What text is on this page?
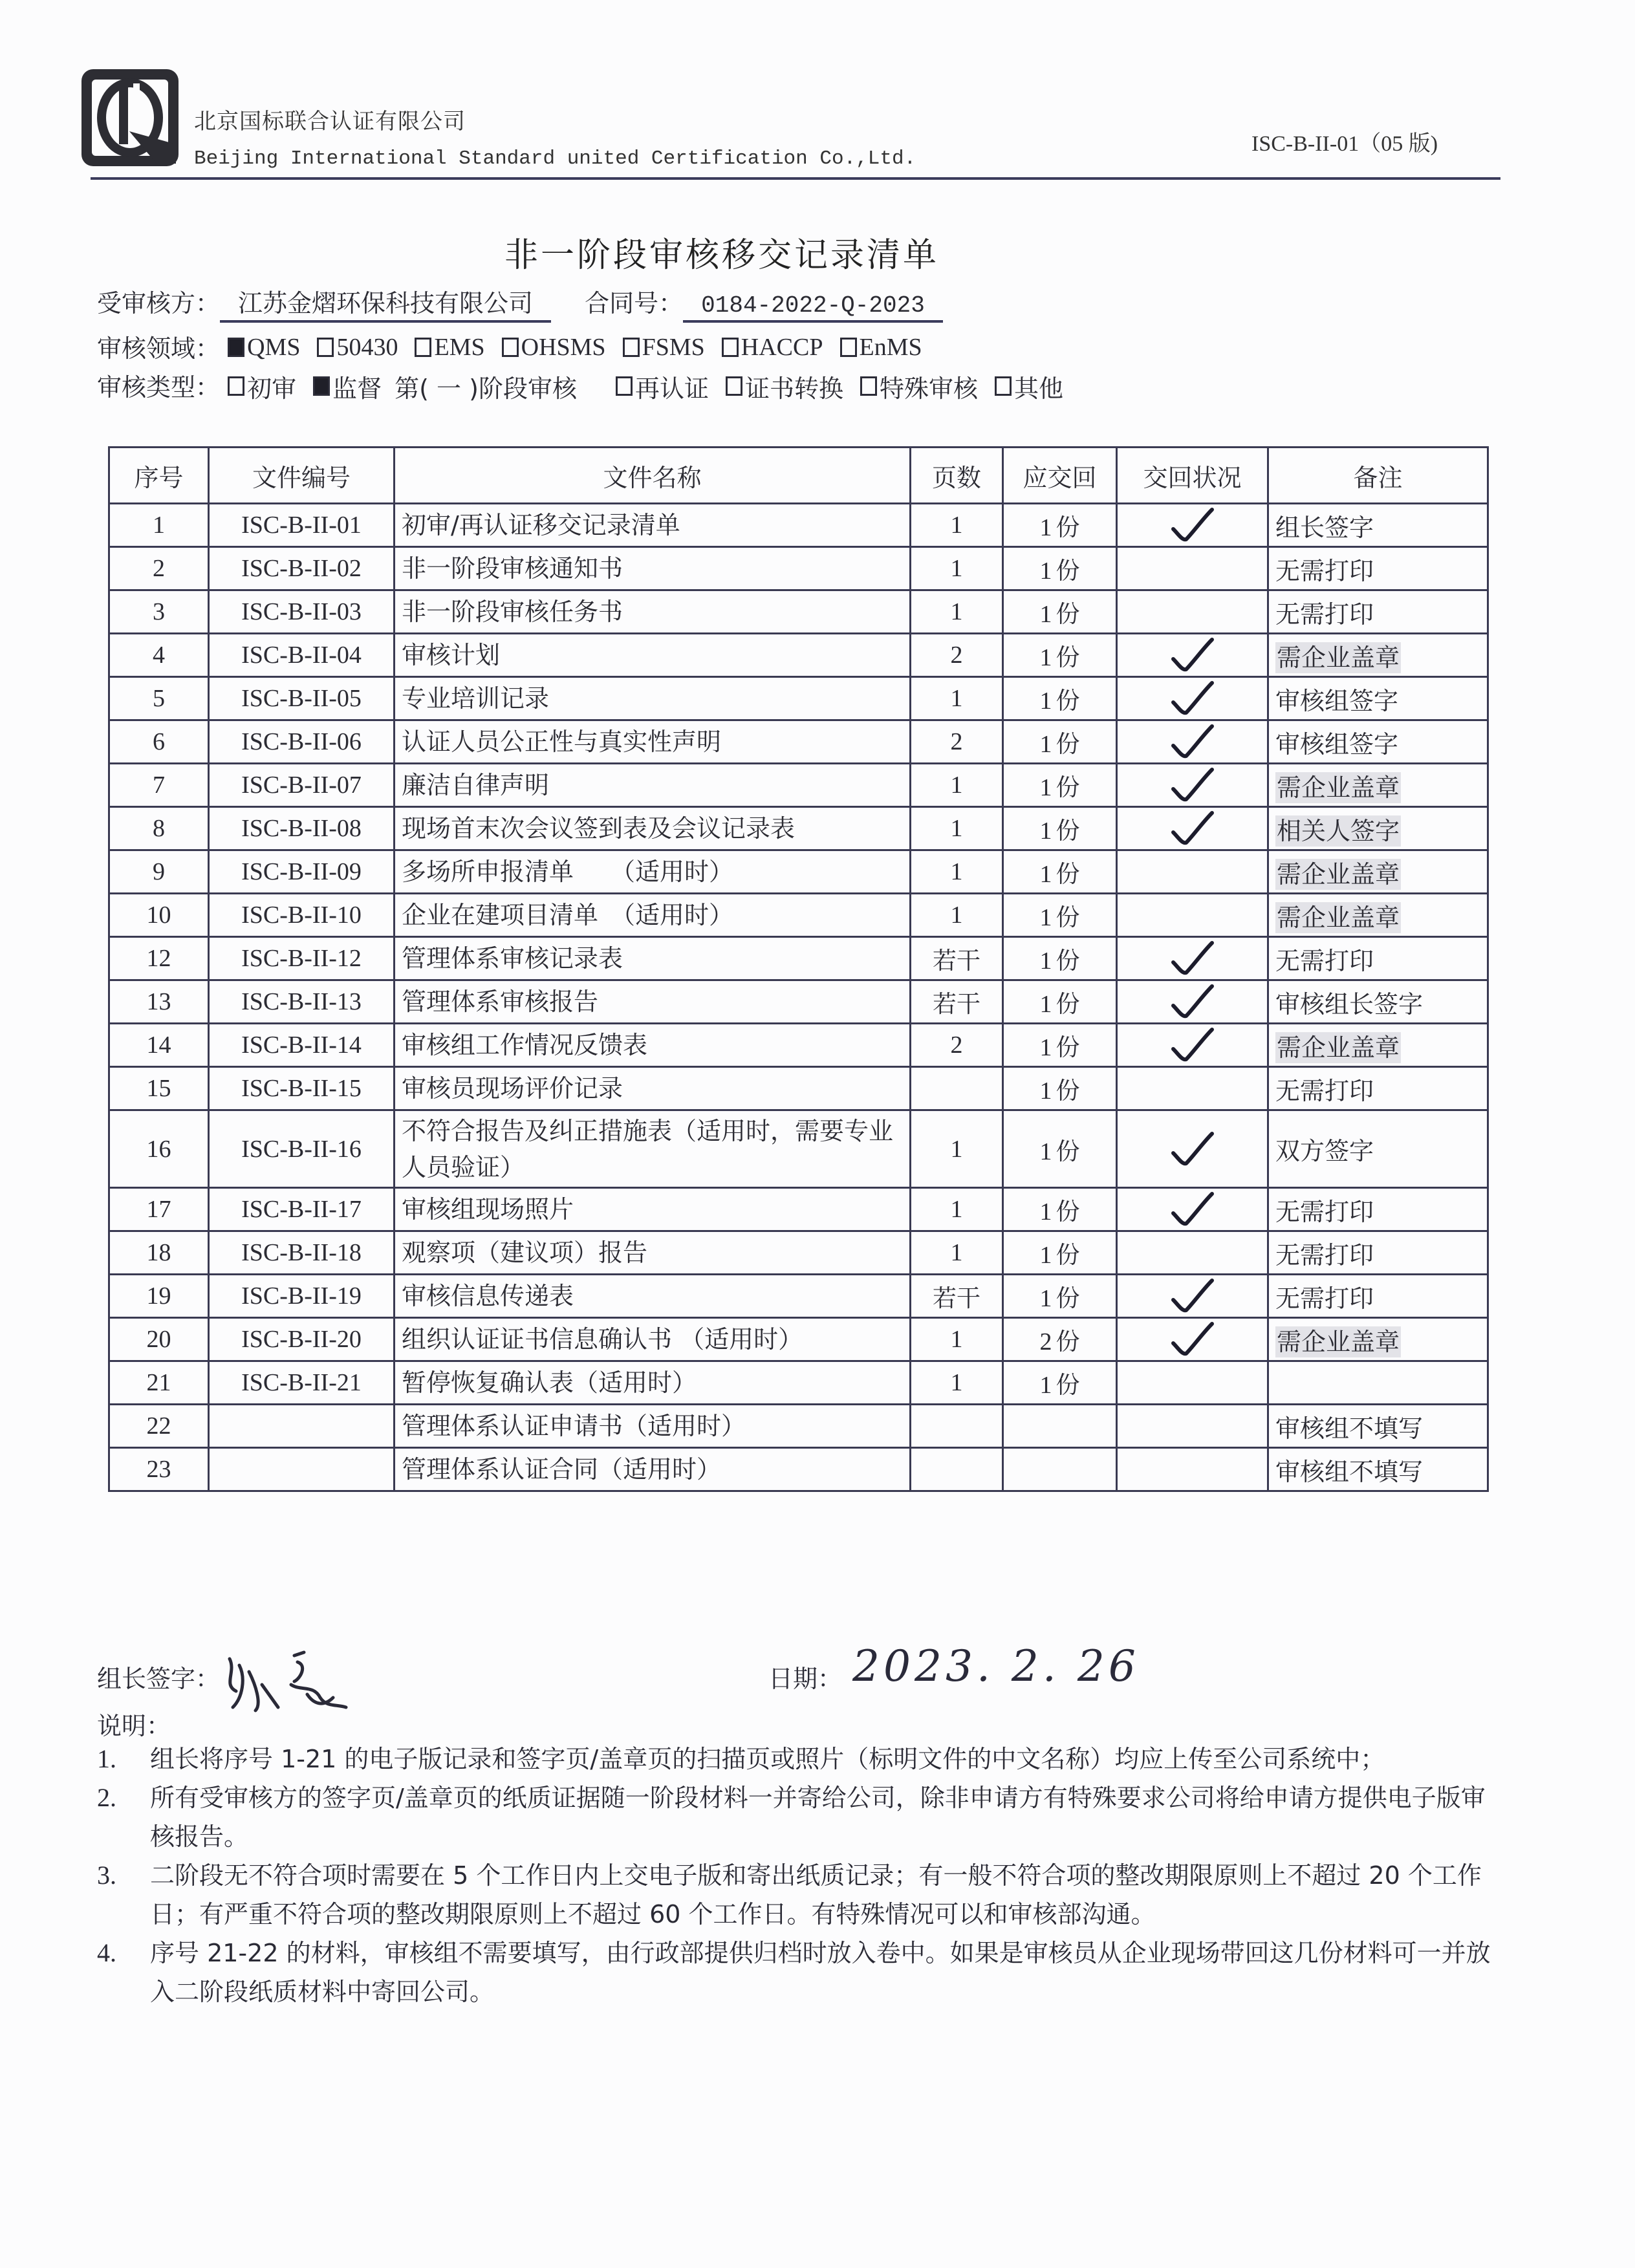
北京国标联合认证有限公司
Beijing International Standard united Certification Co.,Ltd.
ISC-B-II-01（05 版)
非一阶段审核移交记录清单
受审核方： 江苏金熠环保科技有限公司 合同号： 0184-2022-Q-2023
审核领域： QMS 50430 EMS OHSMS FSMS HACCP EnMS
审核类型： 初审 监督 第( 一 )阶段审核 再认证 证书转换 特殊审核 其他
序号	文件编号	文件名称	页数	应交回	交回状况	备注
1	ISC-B-II-01	初审/再认证移交记录清单	1	1 份		组长签字
2	ISC-B-II-02	非一阶段审核通知书	1	1 份		无需打印
3	ISC-B-II-03	非一阶段审核任务书	1	1 份		无需打印
4	ISC-B-II-04	审核计划	2	1 份		需企业盖章
5	ISC-B-II-05	专业培训记录	1	1 份		审核组签字
6	ISC-B-II-06	认证人员公正性与真实性声明	2	1 份		审核组签字
7	ISC-B-II-07	廉洁自律声明	1	1 份		需企业盖章
8	ISC-B-II-08	现场首末次会议签到表及会议记录表	1	1 份		相关人签字
9	ISC-B-II-09	多场所申报清单　　（适用时）	1	1 份		需企业盖章
10	ISC-B-II-10	企业在建项目清单　（适用时）	1	1 份		需企业盖章
12	ISC-B-II-12	管理体系审核记录表	若干	1 份		无需打印
13	ISC-B-II-13	管理体系审核报告	若干	1 份		审核组长签字
14	ISC-B-II-14	审核组工作情况反馈表	2	1 份		需企业盖章
15	ISC-B-II-15	审核员现场评价记录		1 份		无需打印
16	ISC-B-II-16	不符合报告及纠正措施表（适用时，需要专业人员验证）	1	1 份		双方签字
17	ISC-B-II-17	审核组现场照片	1	1 份		无需打印
18	ISC-B-II-18	观察项（建议项）报告	1	1 份		无需打印
19	ISC-B-II-19	审核信息传递表	若干	1 份		无需打印
20	ISC-B-II-20	组织认证证书信息确认书 （适用时）	1	2 份		需企业盖章
21	ISC-B-II-21	暂停恢复确认表（适用时）	1	1 份		
22		管理体系认证申请书（适用时）				审核组不填写
23		管理体系认证合同（适用时）				审核组不填写
组长签字：	日期： 2023. 2. 26
说明：
1.	组长将序号 1-21 的电子版记录和签字页/盖章页的扫描页或照片（标明文件的中文名称）均应上传至公司系统中；
2.	所有受审核方的签字页/盖章页的纸质证据随一阶段材料一并寄给公司，除非申请方有特殊要求公司将给申请方提供电子版审核报告。
3.	二阶段无不符合项时需要在 5 个工作日内上交电子版和寄出纸质记录；有一般不符合项的整改期限原则上不超过 20 个工作日；有严重不符合项的整改期限原则上不超过 60 个工作日。有特殊情况可以和审核部沟通。
4.	序号 21-22 的材料，审核组不需要填写，由行政部提供归档时放入卷中。如果是审核员从企业现场带回这几份材料可一并放入二阶段纸质材料中寄回公司。
